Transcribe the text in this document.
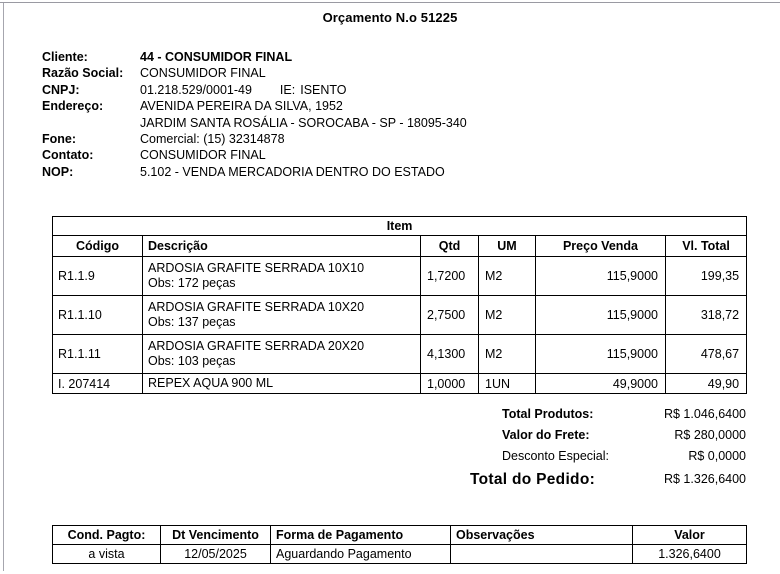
Orçamento N.o 51225
Cliente:	44 - CONSUMIDOR FINAL
Razão Social: CONSUMIDOR FINAL
CNPJ:	01.218.529/0001-49 IE: ISENTO
Endereço:	AVENIDA PEREIRA DA SILVA, 1952
JARDIM SANTA ROSÁLIA - SOROCABA - SP - 18095-340
Fone:	Comercial: (15) 32314878
Contato:	CONSUMIDOR FINAL
NOP:	5.102 - VENDA MERCADORIA DENTRO DO ESTADO
Item					
Código	Descrição	Qtd	UM	Preço Venda	Vl. Total
R1.1.9	ARDOSIA GRAFITE SERRADA 10X10
Obs: 172 peças	1,7200	M2	115,9000	199,35
R1.1.10	ARDOSIA GRAFITE SERRADA 10X20
Obs: 137 peças	2,7500	M2	115,9000	318,72
R1.1.11	ARDOSIA GRAFITE SERRADA 20X20
Obs: 103 peças	4,1300	M2	115,9000	478,67
I. 207414	REPEX AQUA 900 ML	1,0000	1UN	49,9000	49,90
Total Produtos:	R$ 1.046,6400
Valor do Frete:	R$ 280,0000
Desconto Especial:	R$ 0,0000
Total do Pedido:	R$ 1.326,6400
Cond. Pagto:	Dt Vencimento	Forma de Pagamento	Observações	Valor
a vista	12/05/2025	Aguardando Pagamento		1.326,6400
